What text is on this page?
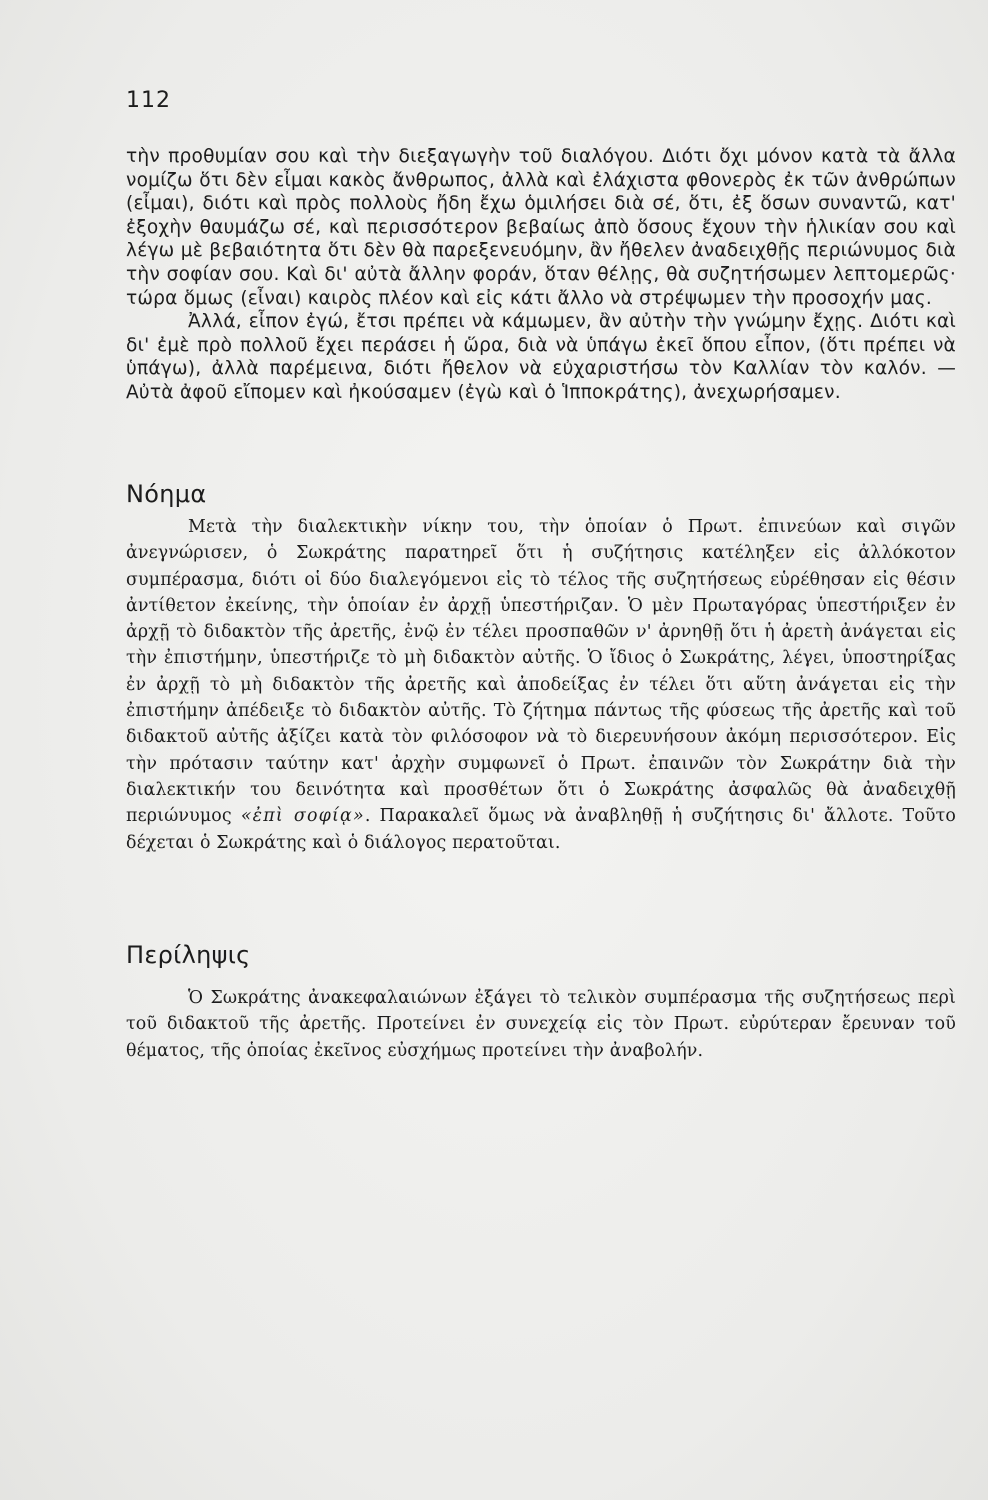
112

τὴν προθυμίαν σου καὶ τὴν διεξαγωγὴν τοῦ διαλόγου. Διότι ὄχι μόνον κατὰ τὰ ἄλλα νομίζω ὅτι δὲν εἶμαι κακὸς ἄνθρωπος, ἀλλὰ καὶ ἐλάχιστα φθονερὸς ἐκ τῶν ἀνθρώπων (εἶμαι), διότι καὶ πρὸς πολλοὺς ἤδη ἔχω ὁμιλήσει διὰ σέ, ὅτι, ἐξ ὅσων συναντῶ, κατ' ἐξοχὴν θαυμάζω σέ, καὶ περισσότερον βεβαίως ἀπὸ ὅσους ἔχουν τὴν ἡλικίαν σου καὶ λέγω μὲ βεβαιότητα ὅτι δὲν θὰ παρεξενευόμην, ἂν ἤθελεν ἀναδειχθῇς περιώνυμος διὰ τὴν σοφίαν σου. Καὶ δι' αὐτὰ ἄλλην φοράν, ὅταν θέλῃς, θὰ συζητήσωμεν λεπτομερῶς· τώρα ὅμως (εἶναι) καιρὸς πλέον καὶ εἰς κάτι ἄλλο νὰ στρέψωμεν τὴν προσοχήν μας.

Ἀλλά, εἶπον ἐγώ, ἔτσι πρέπει νὰ κάμωμεν, ἂν αὐτὴν τὴν γνώμην ἔχῃς. Διότι καὶ δι' ἐμὲ πρὸ πολλοῦ ἔχει περάσει ἡ ὥρα, διὰ νὰ ὑπάγω ἐκεῖ ὅπου εἶπον, (ὅτι πρέπει νὰ ὑπάγω), ἀλλὰ παρέμεινα, διότι ἤθελον νὰ εὐχαριστήσω τὸν Καλλίαν τὸν καλόν. —Αὐτὰ ἀφοῦ εἴπομεν καὶ ἠκούσαμεν (ἐγὼ καὶ ὁ Ἱπποκράτης), ἀνεχωρήσαμεν.

Νόημα

Μετὰ τὴν διαλεκτικὴν νίκην του, τὴν ὁποίαν ὁ Πρωτ. ἐπινεύων καὶ σιγῶν ἀνεγνώρισεν, ὁ Σωκράτης παρατηρεῖ ὅτι ἡ συζήτησις κατέληξεν εἰς ἀλλόκοτον συμπέρασμα, διότι οἱ δύο διαλεγόμενοι εἰς τὸ τέλος τῆς συζητήσεως εὑρέθησαν εἰς θέσιν ἀντίθετον ἐκείνης, τὴν ὁποίαν ἐν ἀρχῇ ὑπεστήριζαν. Ὁ μὲν Πρωταγόρας ὑπεστήριξεν ἐν ἀρχῇ τὸ διδακτὸν τῆς ἀρετῆς, ἐνῷ ἐν τέλει προσπαθῶν ν' ἀρνηθῇ ὅτι ἡ ἀρετὴ ἀνάγεται εἰς τὴν ἐπιστήμην, ὑπεστήριζε τὸ μὴ διδακτὸν αὐτῆς. Ὁ ἴδιος ὁ Σωκράτης, λέγει, ὑποστηρίξας ἐν ἀρχῇ τὸ μὴ διδακτὸν τῆς ἀρετῆς καὶ ἀποδείξας ἐν τέλει ὅτι αὕτη ἀνάγεται εἰς τὴν ἐπιστήμην ἀπέδειξε τὸ διδακτὸν αὐτῆς. Τὸ ζήτημα πάντως τῆς φύσεως τῆς ἀρετῆς καὶ τοῦ διδακτοῦ αὐτῆς ἀξίζει κατὰ τὸν φιλόσοφον νὰ τὸ διερευνήσουν ἀκόμη περισσότερον. Εἰς τὴν πρότασιν ταύτην κατ' ἀρχὴν συμφωνεῖ ὁ Πρωτ. ἐπαινῶν τὸν Σωκράτην διὰ τὴν διαλεκτικήν του δεινότητα καὶ προσθέτων ὅτι ὁ Σωκράτης ἀσφαλῶς θὰ ἀναδειχθῇ περιώνυμος «ἐπὶ σοφίᾳ». Παρακαλεῖ ὅμως νὰ ἀναβληθῇ ἡ συζήτησις δι' ἄλλοτε. Τοῦτο δέχεται ὁ Σωκράτης καὶ ὁ διάλογος περατοῦται.

Περίληψις

Ὁ Σωκράτης ἀνακεφαλαιώνων ἐξάγει τὸ τελικὸν συμπέρασμα τῆς συζητήσεως περὶ τοῦ διδακτοῦ τῆς ἀρετῆς. Προτείνει ἐν συνεχείᾳ εἰς τὸν Πρωτ. εὐρύτεραν ἔρευναν τοῦ θέματος, τῆς ὁποίας ἐκεῖνος εὐσχήμως προτείνει τὴν ἀναβολήν.
